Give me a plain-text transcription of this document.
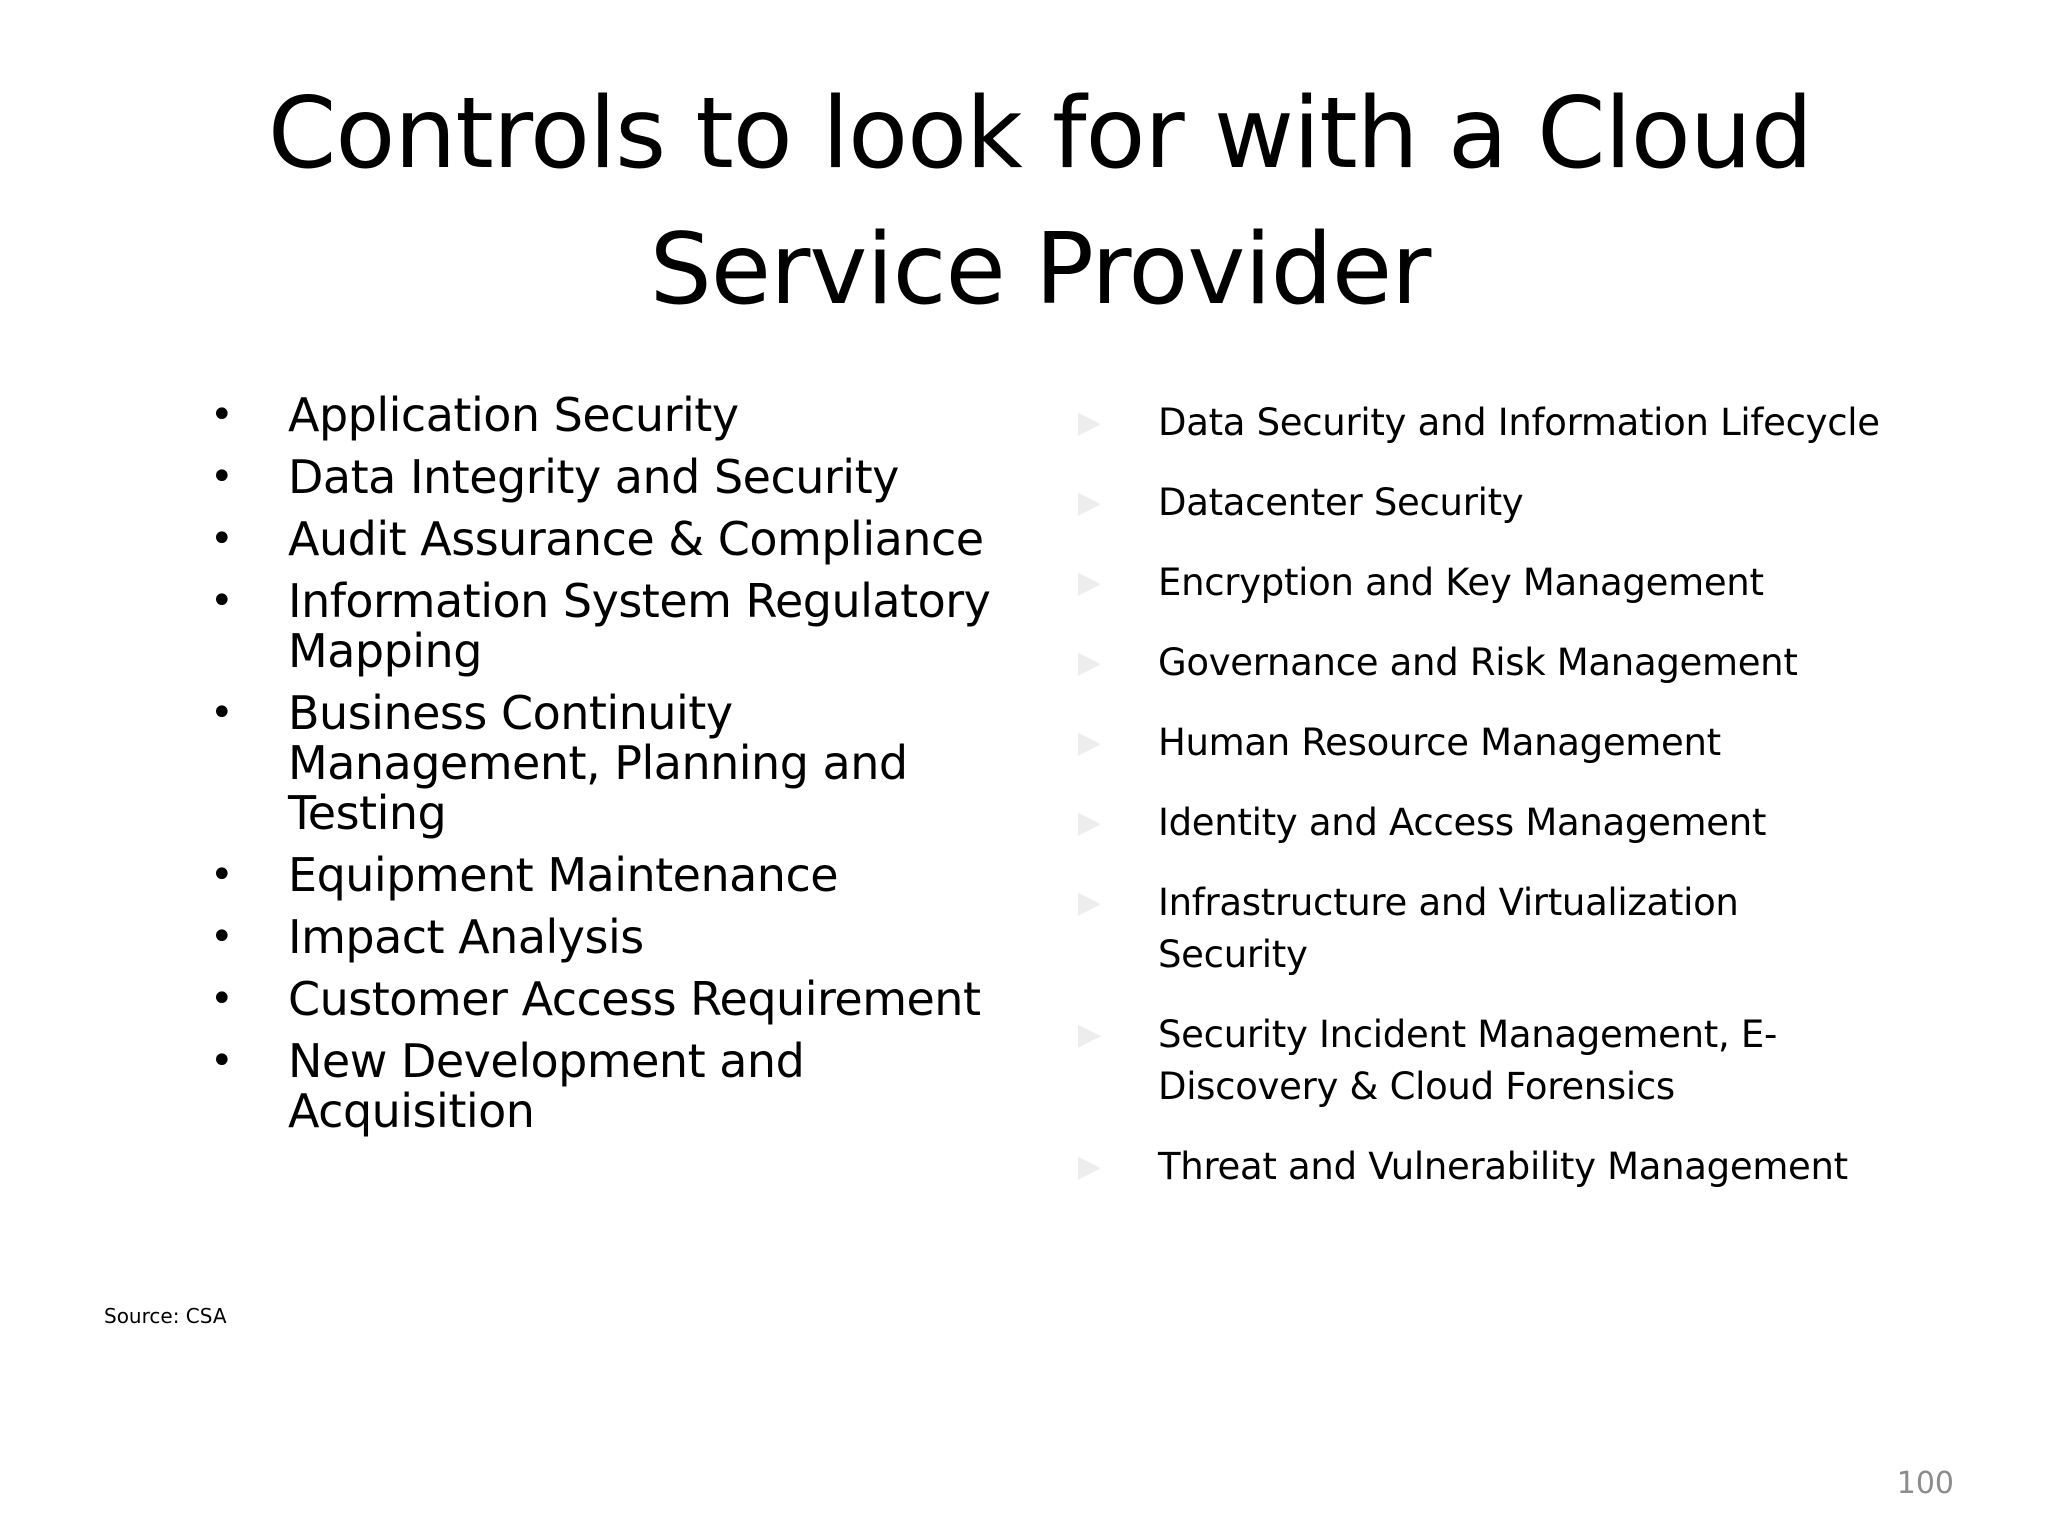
Controls to look for with a Cloud
Service Provider
• Application Security
• Data Integrity and Security
• Audit Assurance & Compliance
• Information System Regulatory
Mapping
• Business Continuity
Management, Planning and
Testing
• Equipment Maintenance
• Impact Analysis
• Customer Access Requirement
• New Development and
Acquisition
▶ Data Security and Information Lifecycle
▶ Datacenter Security
▶ Encryption and Key Management
▶ Governance and Risk Management
▶ Human Resource Management
▶ Identity and Access Management
▶ Infrastructure and Virtualization
Security
▶ Security Incident Management, E-
Discovery & Cloud Forensics
▶ Threat and Vulnerability Management
Source: CSA
100
